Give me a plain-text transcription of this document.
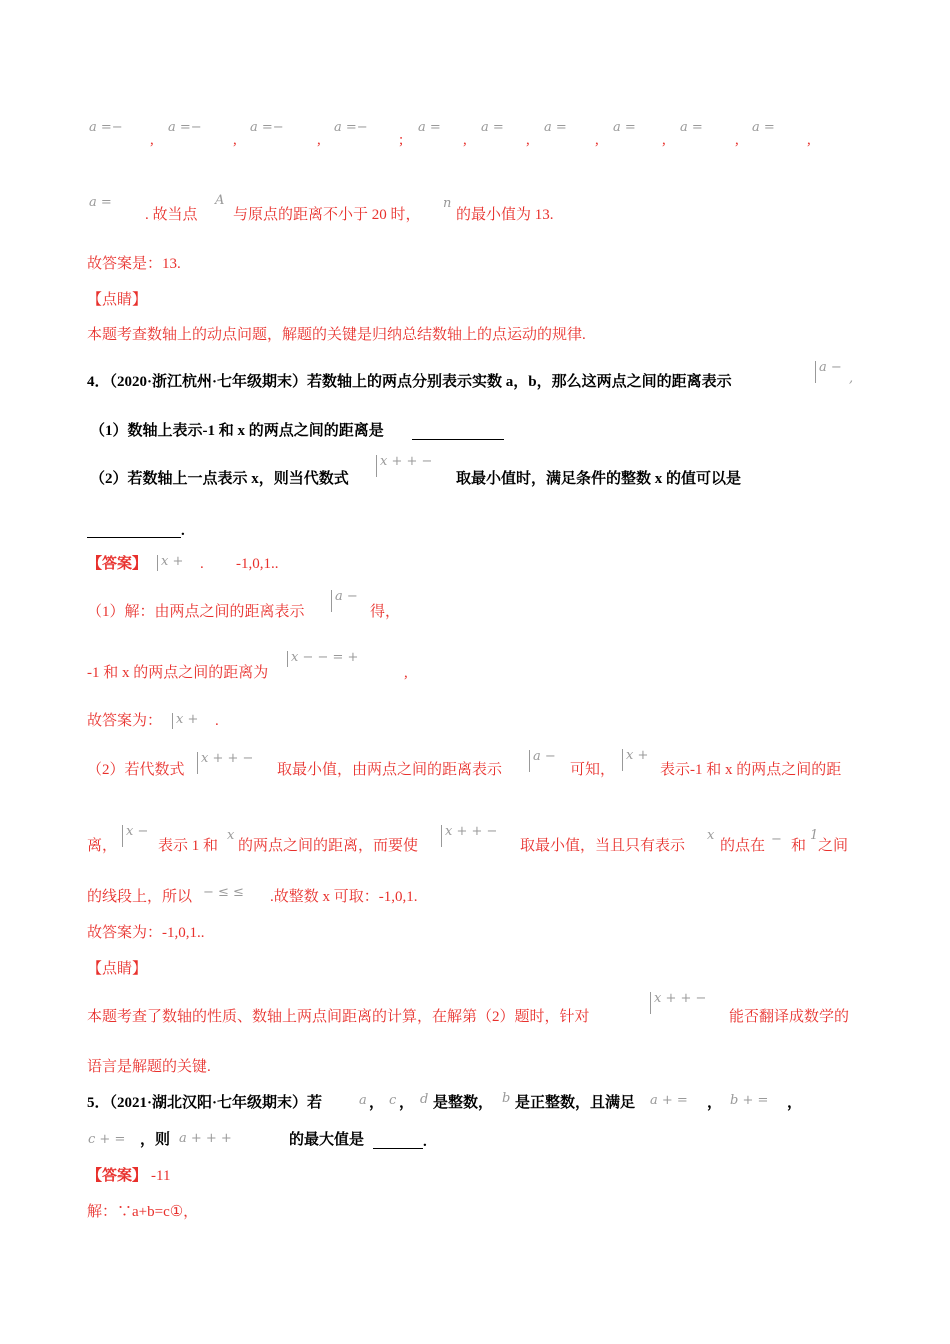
a =−	a =−	a =−	a =−	a =	a =	a =	a =	a =	a =
,	,	,	;	,	,	,	,	,	,
a =
. 故当点
A
与原点的距离不小于 20 时，
n
的最小值为 13.
故答案是：13.
【点睛】
本题考查数轴上的动点问题，解题的关键是归纳总结数轴上的点运动的规律.
4．（2020·浙江杭州·七年级期末）若数轴上的两点分别表示实数 a，b，那么这两点之间的距离表示
a −
,
（1）数轴上表示-1 和 x 的两点之间的距离是
（2）若数轴上一点表示 x，则当代数式
x + + −
取最小值时，满足条件的整数 x 的值可以是
.
【答案】	x + . -1,0,1..
（1）解：由两点之间的距离表示
a −
得，
-1 和 x 的两点之间的距离为
x − − = +
,
故答案为：	x + .
（2）若代数式
x + + −
取最小值，由两点之间的距离表示
a −
可知，
x +
表示-1 和 x 的两点之间的距
离，
x −
表示 1 和
x
的两点之间的距离，而要使
x + + −
取最小值，当且只有表示
x
的点在 − 和
1
之间
的线段上，所以 − ≤ ≤ .故整数 x 可取：-1,0,1.
故答案为：-1,0,1..
【点睛】
本题考查了数轴的性质、数轴上两点间距离的计算，在解第（2）题时，针对
x + + −
能否翻译成数学的
语言是解题的关键.
5．（2021·湖北汉阳·七年级期末）若	a ， c ， d 是整数， b 是正整数，且满足 a + = ， b + = ，
c + = ，则 a + + +	的最大值是	.
【答案】 -11
解：∵a+b=c①，
